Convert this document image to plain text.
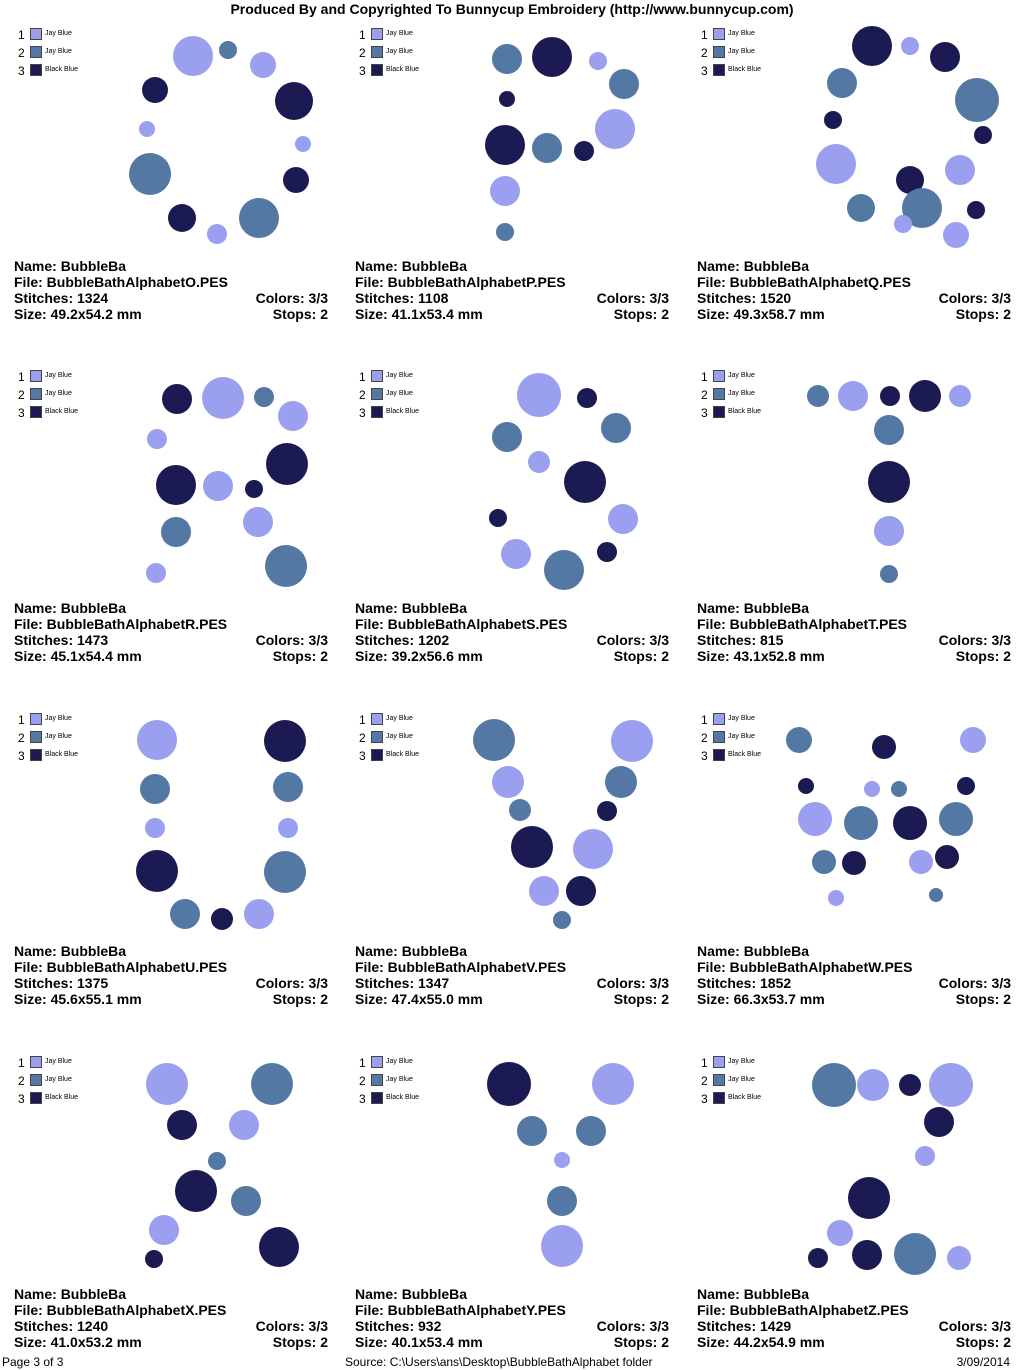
Produced By and Copyrighted To Bunnycup Embroidery (http://www.bunnycup.com)
1	Jay Blue
2	Jay Blue
3	Black Blue
Name: BubbleBa
File: BubbleBathAlphabetO.PES
Stitches: 1324	Colors: 3/3
Size: 49.2x54.2 mm	Stops: 2
1	Jay Blue
2	Jay Blue
3	Black Blue
Name: BubbleBa
File: BubbleBathAlphabetP.PES
Stitches: 1108	Colors: 3/3
Size: 41.1x53.4 mm	Stops: 2
1	Jay Blue
2	Jay Blue
3	Black Blue
Name: BubbleBa
File: BubbleBathAlphabetQ.PES
Stitches: 1520	Colors: 3/3
Size: 49.3x58.7 mm	Stops: 2
1	Jay Blue
2	Jay Blue
3	Black Blue
Name: BubbleBa
File: BubbleBathAlphabetR.PES
Stitches: 1473	Colors: 3/3
Size: 45.1x54.4 mm	Stops: 2
1	Jay Blue
2	Jay Blue
3	Black Blue
Name: BubbleBa
File: BubbleBathAlphabetS.PES
Stitches: 1202	Colors: 3/3
Size: 39.2x56.6 mm	Stops: 2
1	Jay Blue
2	Jay Blue
3	Black Blue
Name: BubbleBa
File: BubbleBathAlphabetT.PES
Stitches: 815	Colors: 3/3
Size: 43.1x52.8 mm	Stops: 2
1	Jay Blue
2	Jay Blue
3	Black Blue
Name: BubbleBa
File: BubbleBathAlphabetU.PES
Stitches: 1375	Colors: 3/3
Size: 45.6x55.1 mm	Stops: 2
1	Jay Blue
2	Jay Blue
3	Black Blue
Name: BubbleBa
File: BubbleBathAlphabetV.PES
Stitches: 1347	Colors: 3/3
Size: 47.4x55.0 mm	Stops: 2
1	Jay Blue
2	Jay Blue
3	Black Blue
Name: BubbleBa
File: BubbleBathAlphabetW.PES
Stitches: 1852	Colors: 3/3
Size: 66.3x53.7 mm	Stops: 2
1	Jay Blue
2	Jay Blue
3	Black Blue
Name: BubbleBa
File: BubbleBathAlphabetX.PES
Stitches: 1240	Colors: 3/3
Size: 41.0x53.2 mm	Stops: 2
1	Jay Blue
2	Jay Blue
3	Black Blue
Name: BubbleBa
File: BubbleBathAlphabetY.PES
Stitches: 932	Colors: 3/3
Size: 40.1x53.4 mm	Stops: 2
1	Jay Blue
2	Jay Blue
3	Black Blue
Name: BubbleBa
File: BubbleBathAlphabetZ.PES
Stitches: 1429	Colors: 3/3
Size: 44.2x54.9 mm	Stops: 2
Page 3 of 3	Source: C:\Users\ans\Desktop\BubbleBathAlphabet folder	3/09/2014
